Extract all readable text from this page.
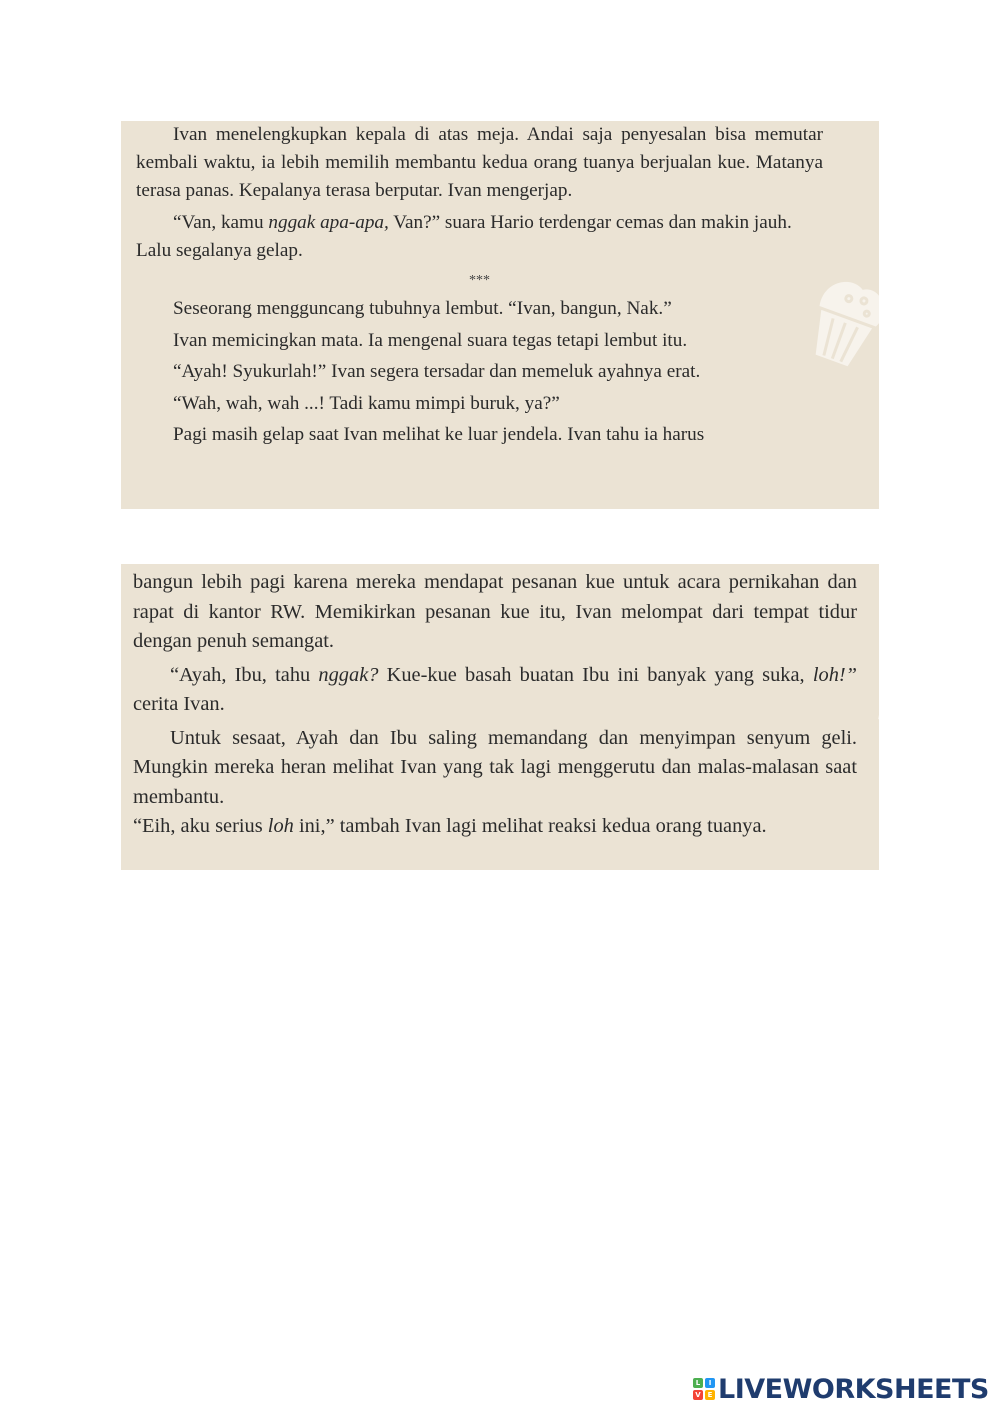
Ivan menelengkupkan kepala di atas meja. Andai saja penyesalan bisa memutar kembali waktu, ia lebih memilih membantu kedua orang tuanya berjualan kue. Matanya terasa panas. Kepalanya terasa berputar. Ivan mengerjap.

“Van, kamu nggak apa-apa, Van?” suara Hario terdengar cemas dan makin jauh.

Lalu segalanya gelap.

***

Seseorang mengguncang tubuhnya lembut. “Ivan, bangun, Nak.”

Ivan memicingkan mata. Ia mengenal suara tegas tetapi lembut itu.

“Ayah! Syukurlah!” Ivan segera tersadar dan memeluk ayahnya erat.

“Wah, wah, wah ...! Tadi kamu mimpi buruk, ya?”

Pagi masih gelap saat Ivan melihat ke luar jendela. Ivan tahu ia harus

bangun lebih pagi karena mereka mendapat pesanan kue untuk acara pernikahan dan rapat di kantor RW. Memikirkan pesanan kue itu, Ivan melompat dari tempat tidur dengan penuh semangat.

“Ayah, Ibu, tahu nggak? Kue-kue basah buatan Ibu ini banyak yang suka, loh!” cerita Ivan.

Untuk sesaat, Ayah dan Ibu saling memandang dan menyimpan senyum geli. Mungkin mereka heran melihat Ivan yang tak lagi menggerutu dan malas-malasan saat membantu.

“Eih, aku serius loh ini,” tambah Ivan lagi melihat reaksi kedua orang tuanya.

L	I
V E LIVEWORKSHEETS
